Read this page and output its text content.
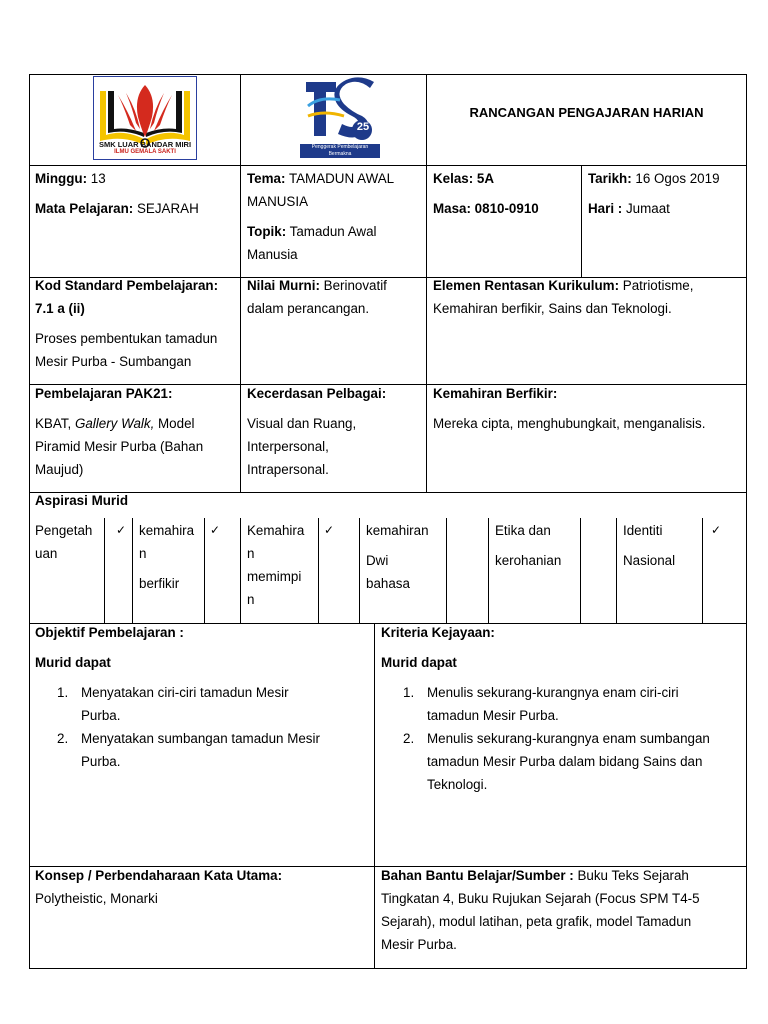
SMK LUAR BANDAR MIRI
ILMU GEMALA SAKTI
25
Penggerak Pembelajaran Bermakna
RANCANGAN PENGAJARAN HARIAN

Minggu: 13

Mata Pelajaran: SEJARAH

Tema: TAMADUN AWAL

MANUSIA

Topik: Tamadun Awal

Manusia

Kelas: 5A

Masa: 0810-0910

Tarikh: 16 Ogos 2019

Hari : Jumaat

Kod Standard Pembelajaran:

7.1 a (ii)

Proses pembentukan tamadun

Mesir Purba - Sumbangan

Nilai Murni: Berinovatif

dalam perancangan.

Elemen Rentasan Kurikulum: Patriotisme,

Kemahiran berfikir, Sains dan Teknologi.

Pembelajaran PAK21:

KBAT, Gallery Walk, Model

Piramid Mesir Purba (Bahan

Maujud)

Kecerdasan Pelbagai:

Visual dan Ruang,

Interpersonal,

Intrapersonal.

Kemahiran Berfikir:

Mereka cipta, menghubungkait, menganalisis.

Aspirasi Murid

Pengetah

uan

✓ kemahira

n

berfikir

✓ Kemahira

n

memimpi

n

✓ kemahiran

Dwi

bahasa

Etika dan

kerohanian

Identiti

Nasional

✓

Objektif Pembelajaran :

Murid dapat

1. Menyatakan ciri-ciri tamadun Mesir
Purba.
2. Menyatakan sumbangan tamadun Mesir
Purba.

Kriteria Kejayaan:

Murid dapat

1. Menulis sekurang-kurangnya enam ciri-ciri
tamadun Mesir Purba.
2. Menulis sekurang-kurangnya enam sumbangan
tamadun Mesir Purba dalam bidang Sains dan
Teknologi.

Konsep / Perbendaharaan Kata Utama:

Polytheistic, Monarki

Bahan Bantu Belajar/Sumber : Buku Teks Sejarah

Tingkatan 4, Buku Rujukan Sejarah (Focus SPM T4-5

Sejarah), modul latihan, peta grafik, model Tamadun

Mesir Purba.
